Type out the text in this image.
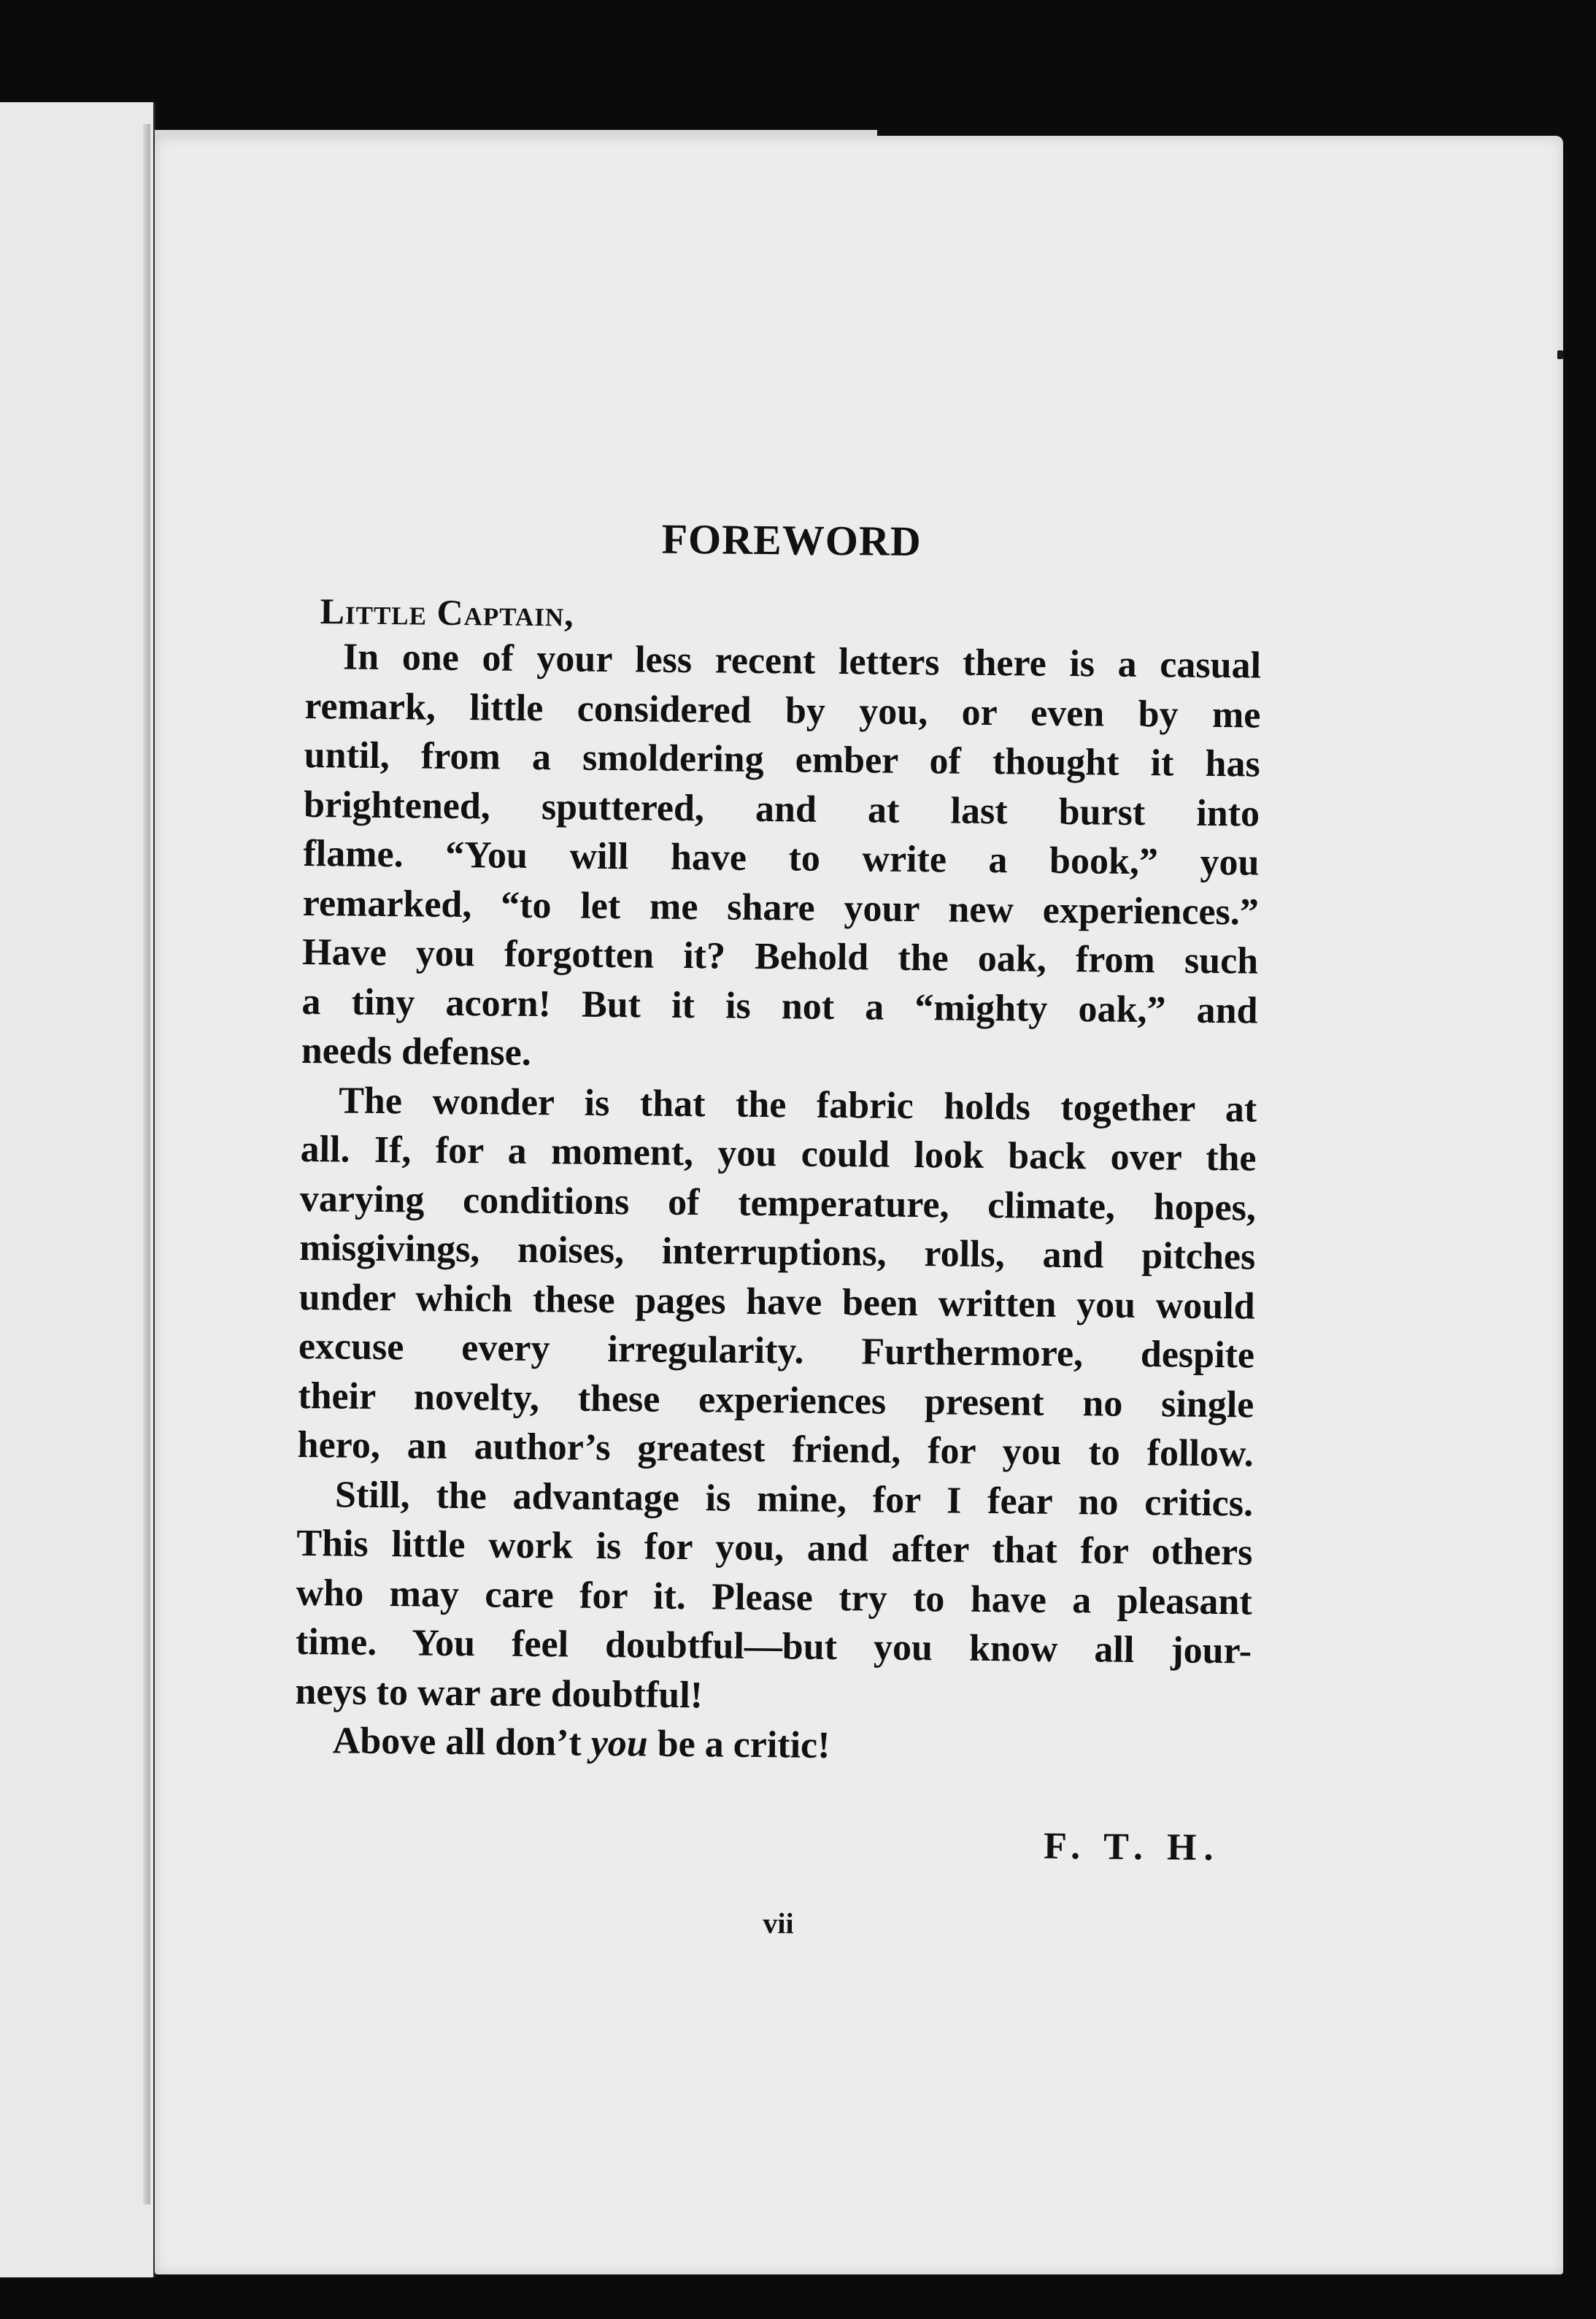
FOREWORD
Little Captain,
In one of your less recent letters there is a casual
remark, little considered by you, or even by me
until, from a smoldering ember of thought it has
brightened, sputtered, and at last burst into
flame. “You will have to write a book,” you
remarked, “to let me share your new experiences.”
Have you forgotten it? Behold the oak, from such
a tiny acorn! But it is not a “mighty oak,” and
needs defense.
The wonder is that the fabric holds together at
all. If, for a moment, you could look back over the
varying conditions of temperature, climate, hopes,
misgivings, noises, interruptions, rolls, and pitches
under which these pages have been written you would
excuse every irregularity. Furthermore, despite
their novelty, these experiences present no single
hero, an author’s greatest friend, for you to follow.
Still, the advantage is mine, for I fear no critics.
This little work is for you, and after that for others
who may care for it. Please try to have a pleasant
time. You feel doubtful—but you know all jour-
neys to war are doubtful!
Above all don’t you be a critic!
F. T. H.
vii
